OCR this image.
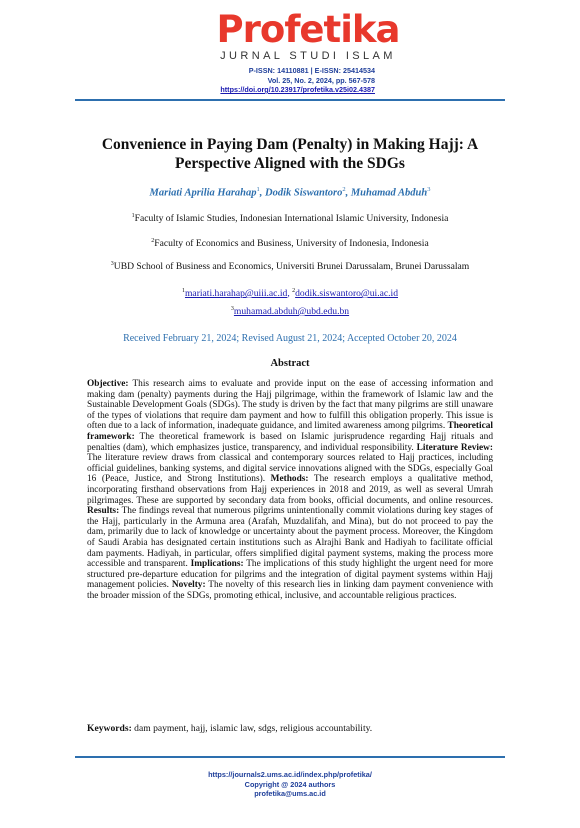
Profetika
JURNAL STUDI ISLAM
P-ISSN: 14110881 | E-ISSN: 25414534
Vol. 25, No. 2, 2024, pp. 567-578
https://doi.org/10.23917/profetika.v25i02.4387
Convenience in Paying Dam (Penalty) in Making Hajj: A Perspective Aligned with the SDGs
Mariati Aprilia Harahap$^1$, Dodik Siswantoro$^2$, Muhamad Abduh$^3$
$^1$Faculty of Islamic Studies, Indonesian International Islamic University, Indonesia
$^2$Faculty of Economics and Business, University of Indonesia, Indonesia
$^3$UBD School of Business and Economics, Universiti Brunei Darussalam, Brunei Darussalam
$^1$mariati.harahap@uiii.ac.id, $^2$dodik.siswantoro@ui.ac.id
$^3$muhamad.abduh@ubd.edu.bn
Received February 21, 2024; Revised August 21, 2024; Accepted October 20, 2024
Abstract
Objective: This research aims to evaluate and provide input on the ease of accessing information and making dam (penalty) payments during the Hajj pilgrimage, within the framework of Islamic law and the Sustainable Development Goals (SDGs). The study is driven by the fact that many pilgrims are still unaware of the types of violations that require dam payment and how to fulfill this obligation properly. This issue is often due to a lack of information, inadequate guidance, and limited awareness among pilgrims. Theoretical framework: The theoretical framework is based on Islamic jurisprudence regarding Hajj rituals and penalties (dam), which emphasizes justice, transparency, and individual responsibility. Literature Review: The literature review draws from classical and contemporary sources related to Hajj practices, including official guidelines, banking systems, and digital service innovations aligned with the SDGs, especially Goal 16 (Peace, Justice, and Strong Institutions). Methods: The research employs a qualitative method, incorporating firsthand observations from Hajj experiences in 2018 and 2019, as well as several Umrah pilgrimages. These are supported by secondary data from books, official documents, and online resources. Results: The findings reveal that numerous pilgrims unintentionally commit violations during key stages of the Hajj, particularly in the Armuna area (Arafah, Muzdalifah, and Mina), but do not proceed to pay the dam, primarily due to lack of knowledge or uncertainty about the payment process. Moreover, the Kingdom of Saudi Arabia has designated certain institutions such as Alrajhi Bank and Hadiyah to facilitate official dam payments. Hadiyah, in particular, offers simplified digital payment systems, making the process more accessible and transparent. Implications: The implications of this study highlight the urgent need for more structured pre-departure education for pilgrims and the integration of digital payment systems within Hajj management policies. Novelty: The novelty of this research lies in linking dam payment convenience with the broader mission of the SDGs, promoting ethical, inclusive, and accountable religious practices.
Keywords: dam payment, hajj, islamic law, sdgs, religious accountability.
https://journals2.ums.ac.id/index.php/profetika/
Copyright @ 2024 authors
profetika@ums.ac.id
